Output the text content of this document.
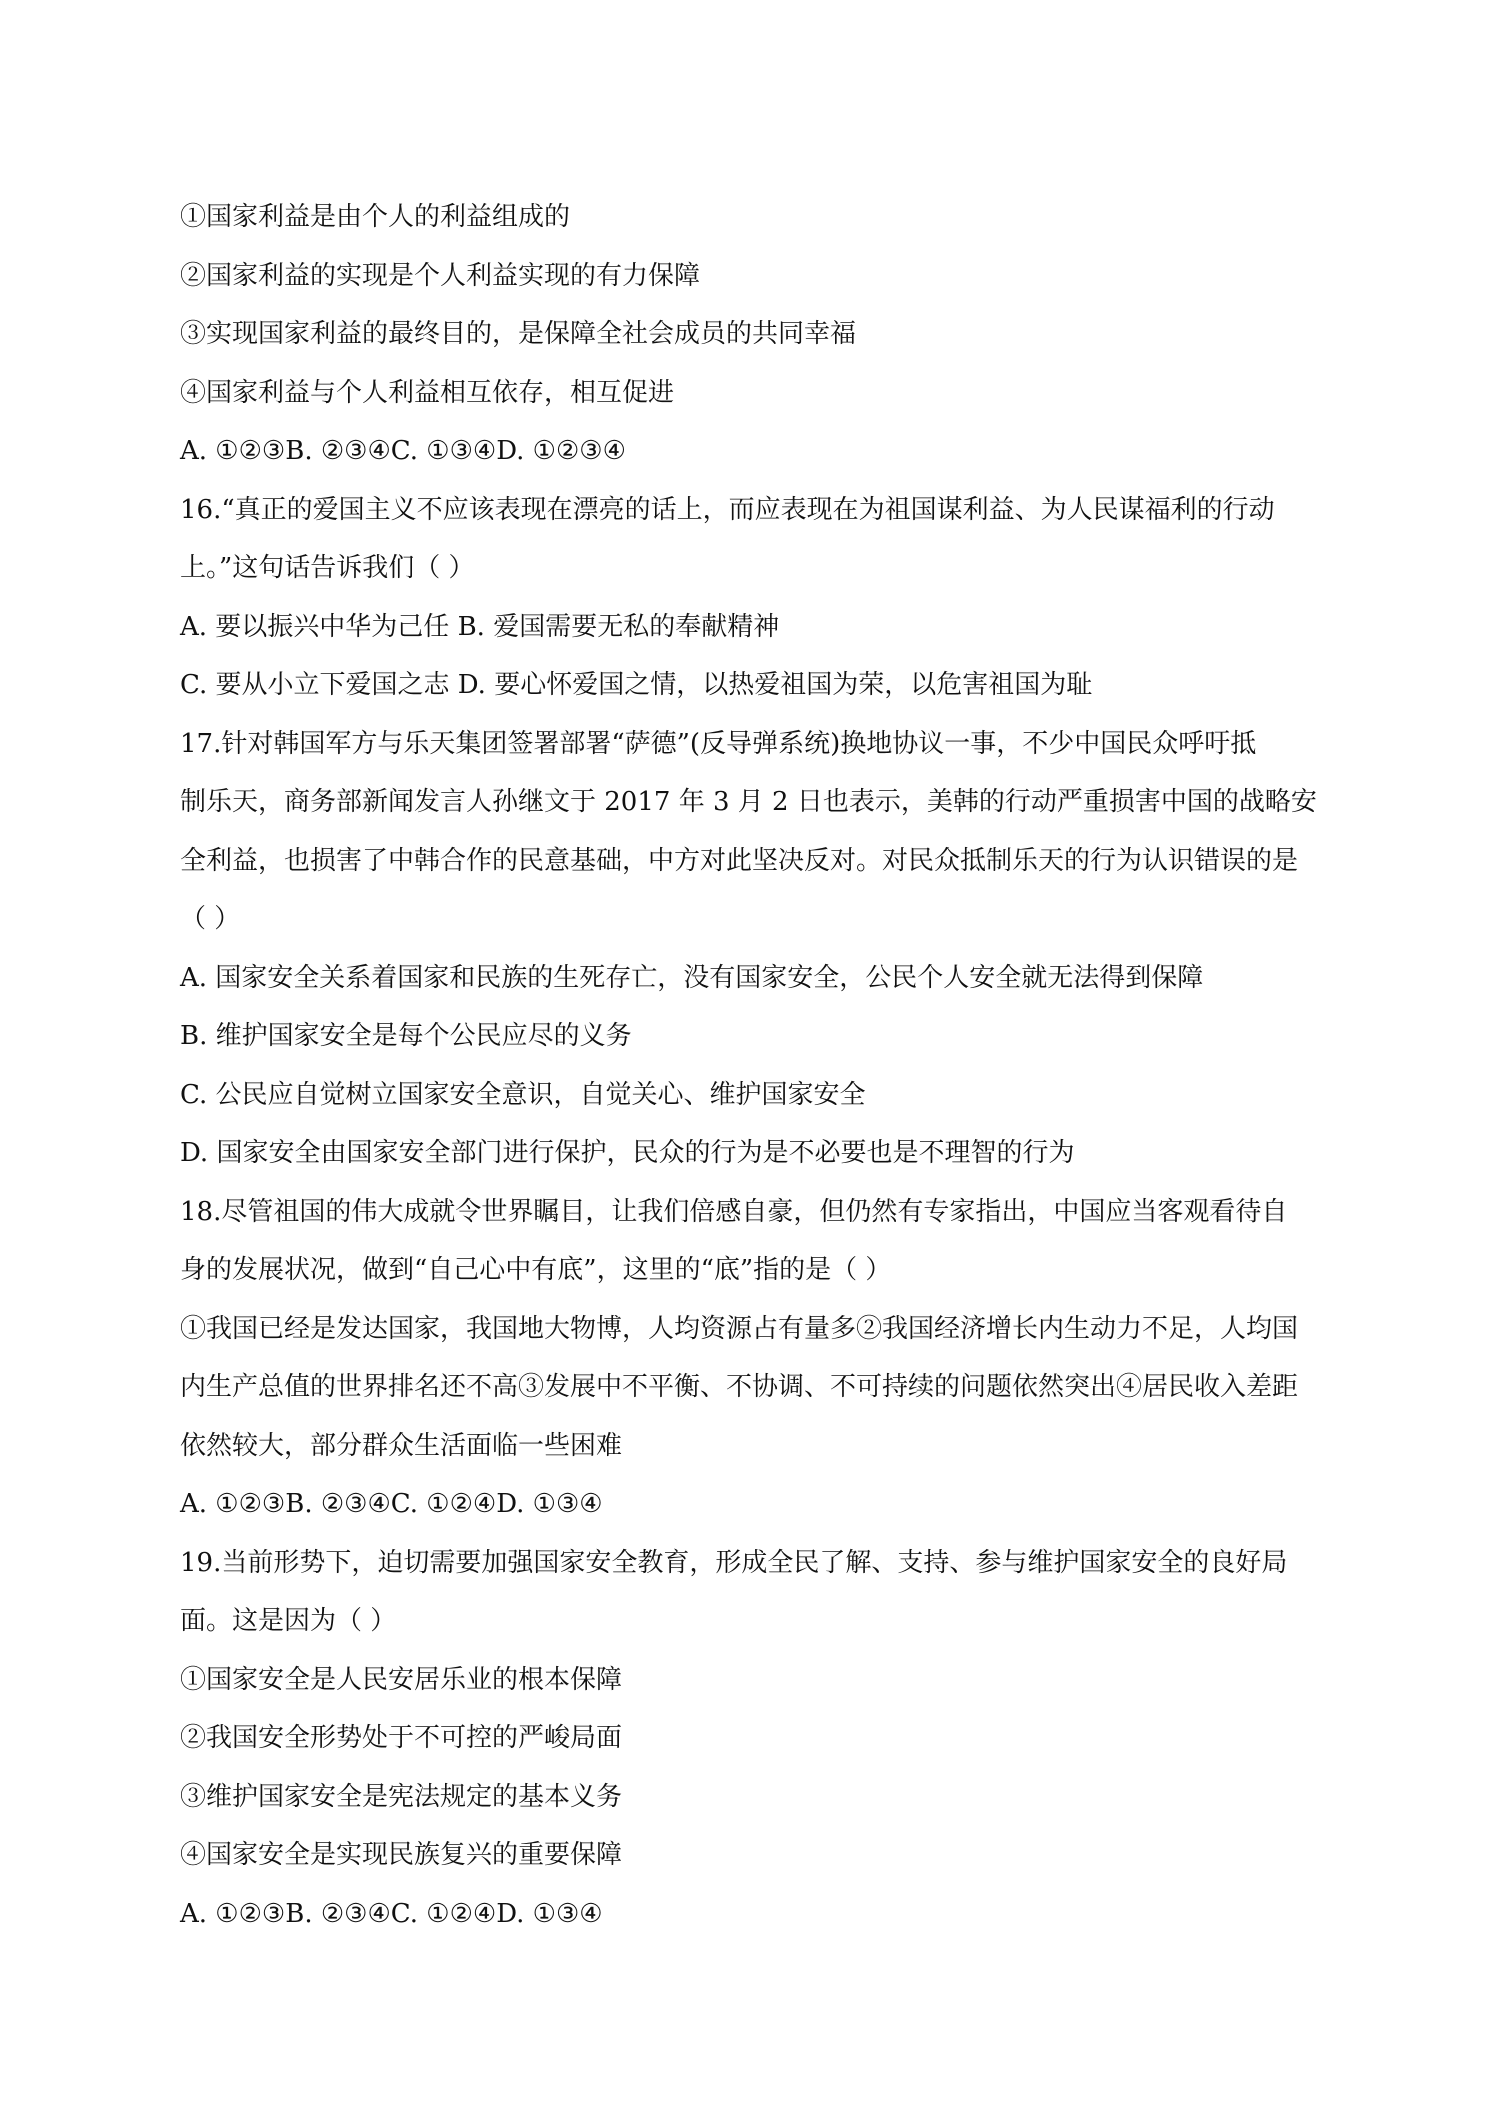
①国家利益是由个人的利益组成的
②国家利益的实现是个人利益实现的有力保障
③实现国家利益的最终目的，是保障全社会成员的共同幸福
④国家利益与个人利益相互依存，相互促进
A. ①②③B. ②③④C. ①③④D. ①②③④
16.“真正的爱国主义不应该表现在漂亮的话上，而应表现在为祖国谋利益、为人民谋福利的行动
上。”这句话告诉我们（ ）
A. 要以振兴中华为己任 B. 爱国需要无私的奉献精神
C. 要从小立下爱国之志 D. 要心怀爱国之情，以热爱祖国为荣，以危害祖国为耻
17.针对韩国军方与乐天集团签署部署“萨德”(反导弹系统)换地协议一事，不少中国民众呼吁抵
制乐天，商务部新闻发言人孙继文于 2017 年 3 月 2 日也表示，美韩的行动严重损害中国的战略安
全利益，也损害了中韩合作的民意基础，中方对此坚决反对。对民众抵制乐天的行为认识错误的是
（ ）
A. 国家安全关系着国家和民族的生死存亡，没有国家安全，公民个人安全就无法得到保障
B. 维护国家安全是每个公民应尽的义务
C. 公民应自觉树立国家安全意识，自觉关心、维护国家安全
D. 国家安全由国家安全部门进行保护，民众的行为是不必要也是不理智的行为
18.尽管祖国的伟大成就令世界瞩目，让我们倍感自豪，但仍然有专家指出，中国应当客观看待自
身的发展状况，做到“自己心中有底”，这里的“底”指的是（ ）
①我国已经是发达国家，我国地大物博，人均资源占有量多②我国经济增长内生动力不足，人均国
内生产总值的世界排名还不高③发展中不平衡、不协调、不可持续的问题依然突出④居民收入差距
依然较大，部分群众生活面临一些困难
A. ①②③B. ②③④C. ①②④D. ①③④
19.当前形势下，迫切需要加强国家安全教育，形成全民了解、支持、参与维护国家安全的良好局
面。这是因为（ ）
①国家安全是人民安居乐业的根本保障
②我国安全形势处于不可控的严峻局面
③维护国家安全是宪法规定的基本义务
④国家安全是实现民族复兴的重要保障
A. ①②③B. ②③④C. ①②④D. ①③④
